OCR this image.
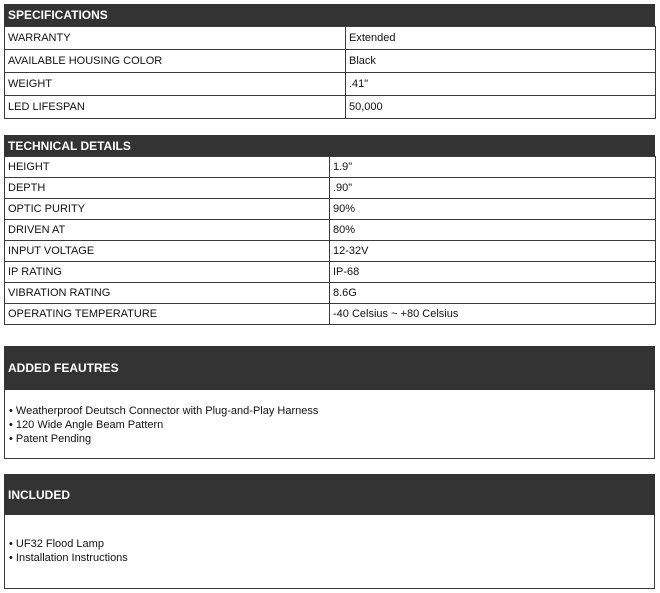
SPECIFICATIONS
WARRANTY	Extended
AVAILABLE HOUSING COLOR	Black
WEIGHT	.41"
LED LIFESPAN	50,000
TECHNICAL DETAILS
HEIGHT	1.9"
DEPTH	.90"
OPTIC PURITY	90%
DRIVEN AT	80%
INPUT VOLTAGE	12-32V
IP RATING	IP-68
VIBRATION RATING	8.6G
OPERATING TEMPERATURE	-40 Celsius ~ +80 Celsius
ADDED FEAUTRES
• Weatherproof Deutsch Connector with Plug-and-Play Harness
• 120 Wide Angle Beam Pattern
• Patent Pending
INCLUDED
• UF32 Flood Lamp
• Installation Instructions
